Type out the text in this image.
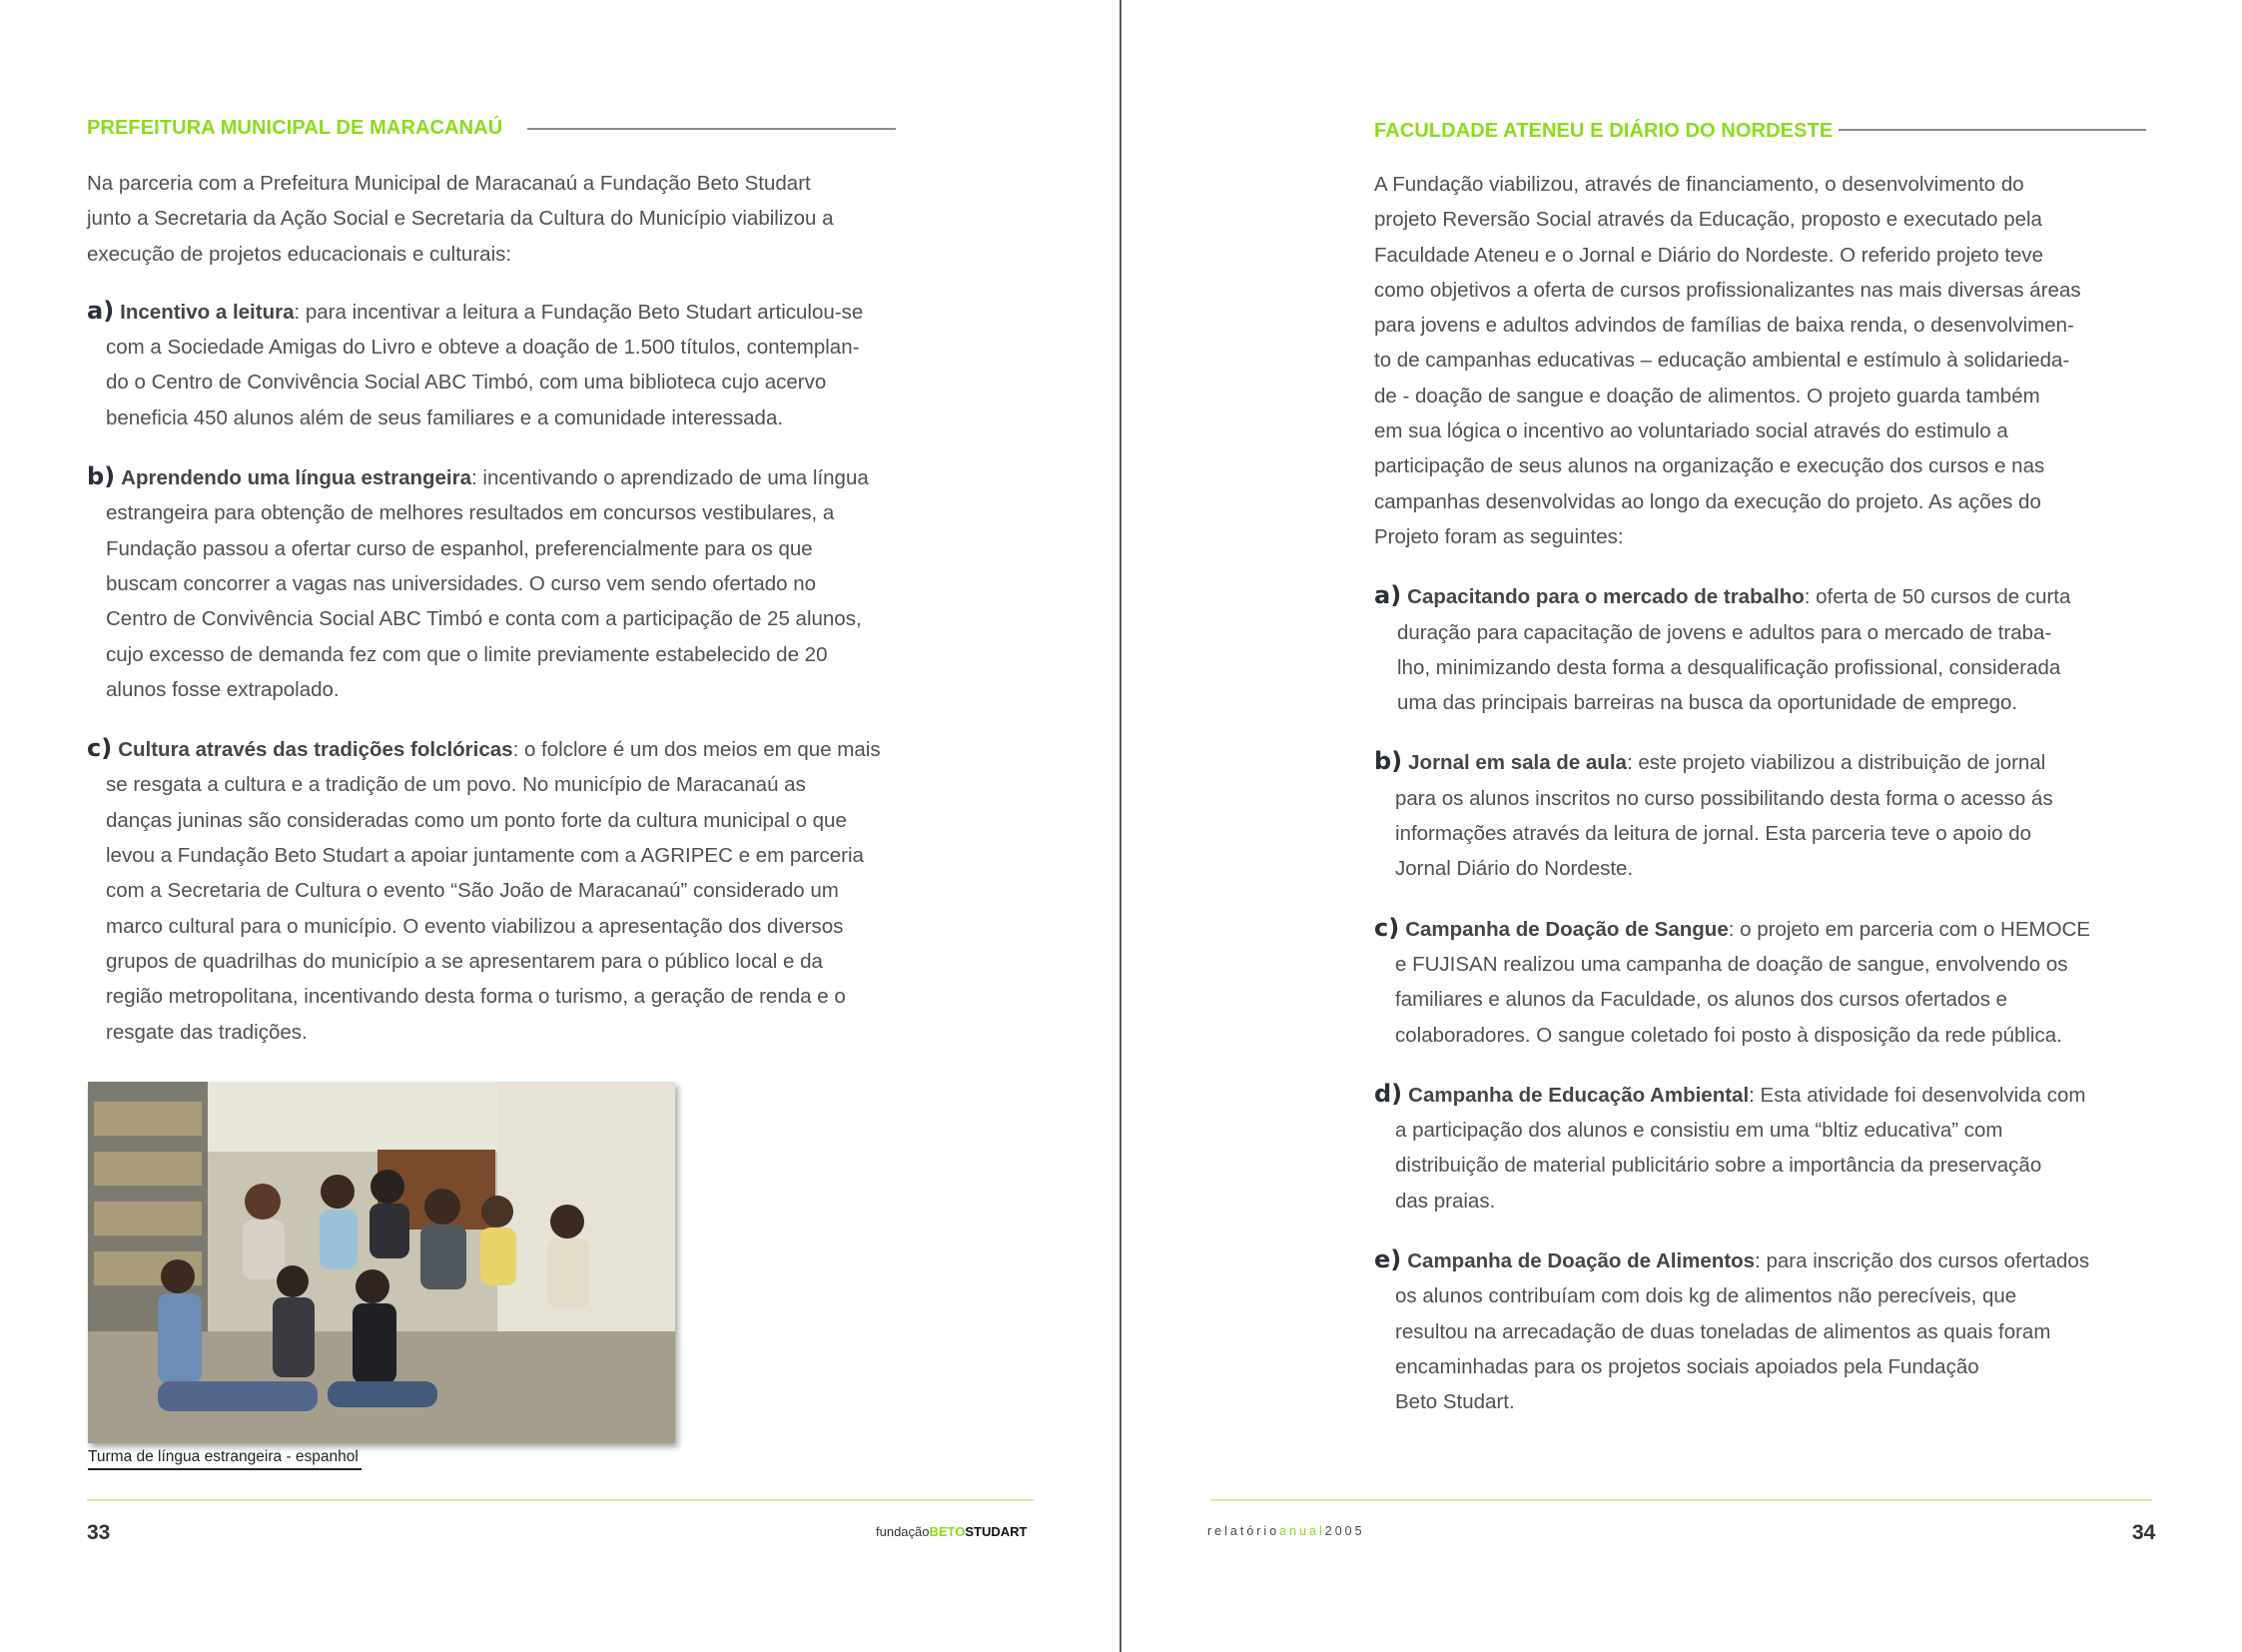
PREFEITURA MUNICIPAL DE MARACANAÚ

Na parceria com a Prefeitura Municipal de Maracanaú a Fundação Beto Studart
junto a Secretaria da Ação Social e Secretaria da Cultura do Município viabilizou a
execução de projetos educacionais e culturais:

a) Incentivo a leitura: para incentivar a leitura a Fundação Beto Studart articulou-se
com a Sociedade Amigas do Livro e obteve a doação de 1.500 títulos, contemplan-
do o Centro de Convivência Social ABC Timbó, com uma biblioteca cujo acervo
beneficia 450 alunos além de seus familiares e a comunidade interessada.
b) Aprendendo uma língua estrangeira: incentivando o aprendizado de uma língua
estrangeira para obtenção de melhores resultados em concursos vestibulares, a
Fundação passou a ofertar curso de espanhol, preferencialmente para os que
buscam concorrer a vagas nas universidades. O curso vem sendo ofertado no
Centro de Convivência Social ABC Timbó e conta com a participação de 25 alunos,
cujo excesso de demanda fez com que o limite previamente estabelecido de 20
alunos fosse extrapolado.
c) Cultura através das tradições folclóricas: o folclore é um dos meios em que mais
se resgata a cultura e a tradição de um povo. No município de Maracanaú as
danças juninas são consideradas como um ponto forte da cultura municipal o que
levou a Fundação Beto Studart a apoiar juntamente com a AGRIPEC e em parceria
com a Secretaria de Cultura o evento “São João de Maracanaú” considerado um
marco cultural para o município. O evento viabilizou a apresentação dos diversos
grupos de quadrilhas do município a se apresentarem para o público local e da
região metropolitana, incentivando desta forma o turismo, a geração de renda e o
resgate das tradições.
Turma de língua estrangeira - espanhol
33	fundaçãoBETOSTUDART
FACULDADE ATENEU E DIÁRIO DO NORDESTE

A Fundação viabilizou, através de financiamento, o desenvolvimento do
projeto Reversão Social através da Educação, proposto e executado pela
Faculdade Ateneu e o Jornal e Diário do Nordeste. O referido projeto teve
como objetivos a oferta de cursos profissionalizantes nas mais diversas áreas
para jovens e adultos advindos de famílias de baixa renda, o desenvolvimen-
to de campanhas educativas – educação ambiental e estímulo à solidarieda-
de - doação de sangue e doação de alimentos. O projeto guarda também
em sua lógica o incentivo ao voluntariado social através do estimulo a
participação de seus alunos na organização e execução dos cursos e nas
campanhas desenvolvidas ao longo da execução do projeto. As ações do
Projeto foram as seguintes:

a) Capacitando para o mercado de trabalho: oferta de 50 cursos de curta
duração para capacitação de jovens e adultos para o mercado de traba-
lho, minimizando desta forma a desqualificação profissional, considerada
uma das principais barreiras na busca da oportunidade de emprego.
b) Jornal em sala de aula: este projeto viabilizou a distribuição de jornal
para os alunos inscritos no curso possibilitando desta forma o acesso ás
informações através da leitura de jornal. Esta parceria teve o apoio do
Jornal Diário do Nordeste.
c) Campanha de Doação de Sangue: o projeto em parceria com o HEMOCE
e FUJISAN realizou uma campanha de doação de sangue, envolvendo os
familiares e alunos da Faculdade, os alunos dos cursos ofertados e
colaboradores. O sangue coletado foi posto à disposição da rede pública.
d) Campanha de Educação Ambiental: Esta atividade foi desenvolvida com
a participação dos alunos e consistiu em uma “bltiz educativa” com
distribuição de material publicitário sobre a importância da preservação
das praias.
e) Campanha de Doação de Alimentos: para inscrição dos cursos ofertados
os alunos contribuíam com dois kg de alimentos não perecíveis, que
resultou na arrecadação de duas toneladas de alimentos as quais foram
encaminhadas para os projetos sociais apoiados pela Fundação
Beto Studart.
relatórioanual2005	34
